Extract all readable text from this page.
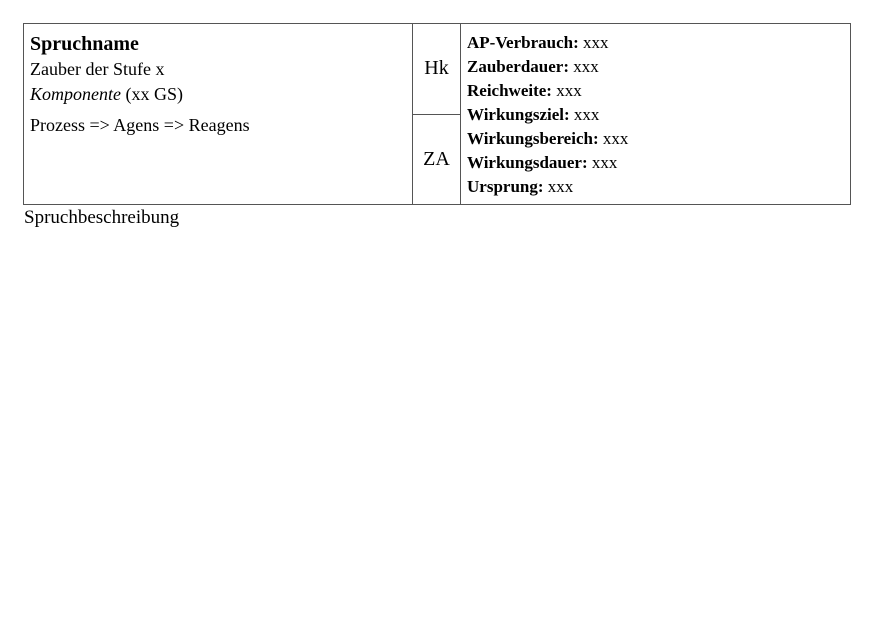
Spruchname
Zauber der Stufe x
Komponente (xx GS)
Prozess => Agens => Reagens
Hk
ZA
AP-Verbrauch: xxx
Zauberdauer: xxx
Reichweite: xxx
Wirkungsziel: xxx
Wirkungsbereich: xxx
Wirkungsdauer: xxx
Ursprung: xxx
Spruchbeschreibung
